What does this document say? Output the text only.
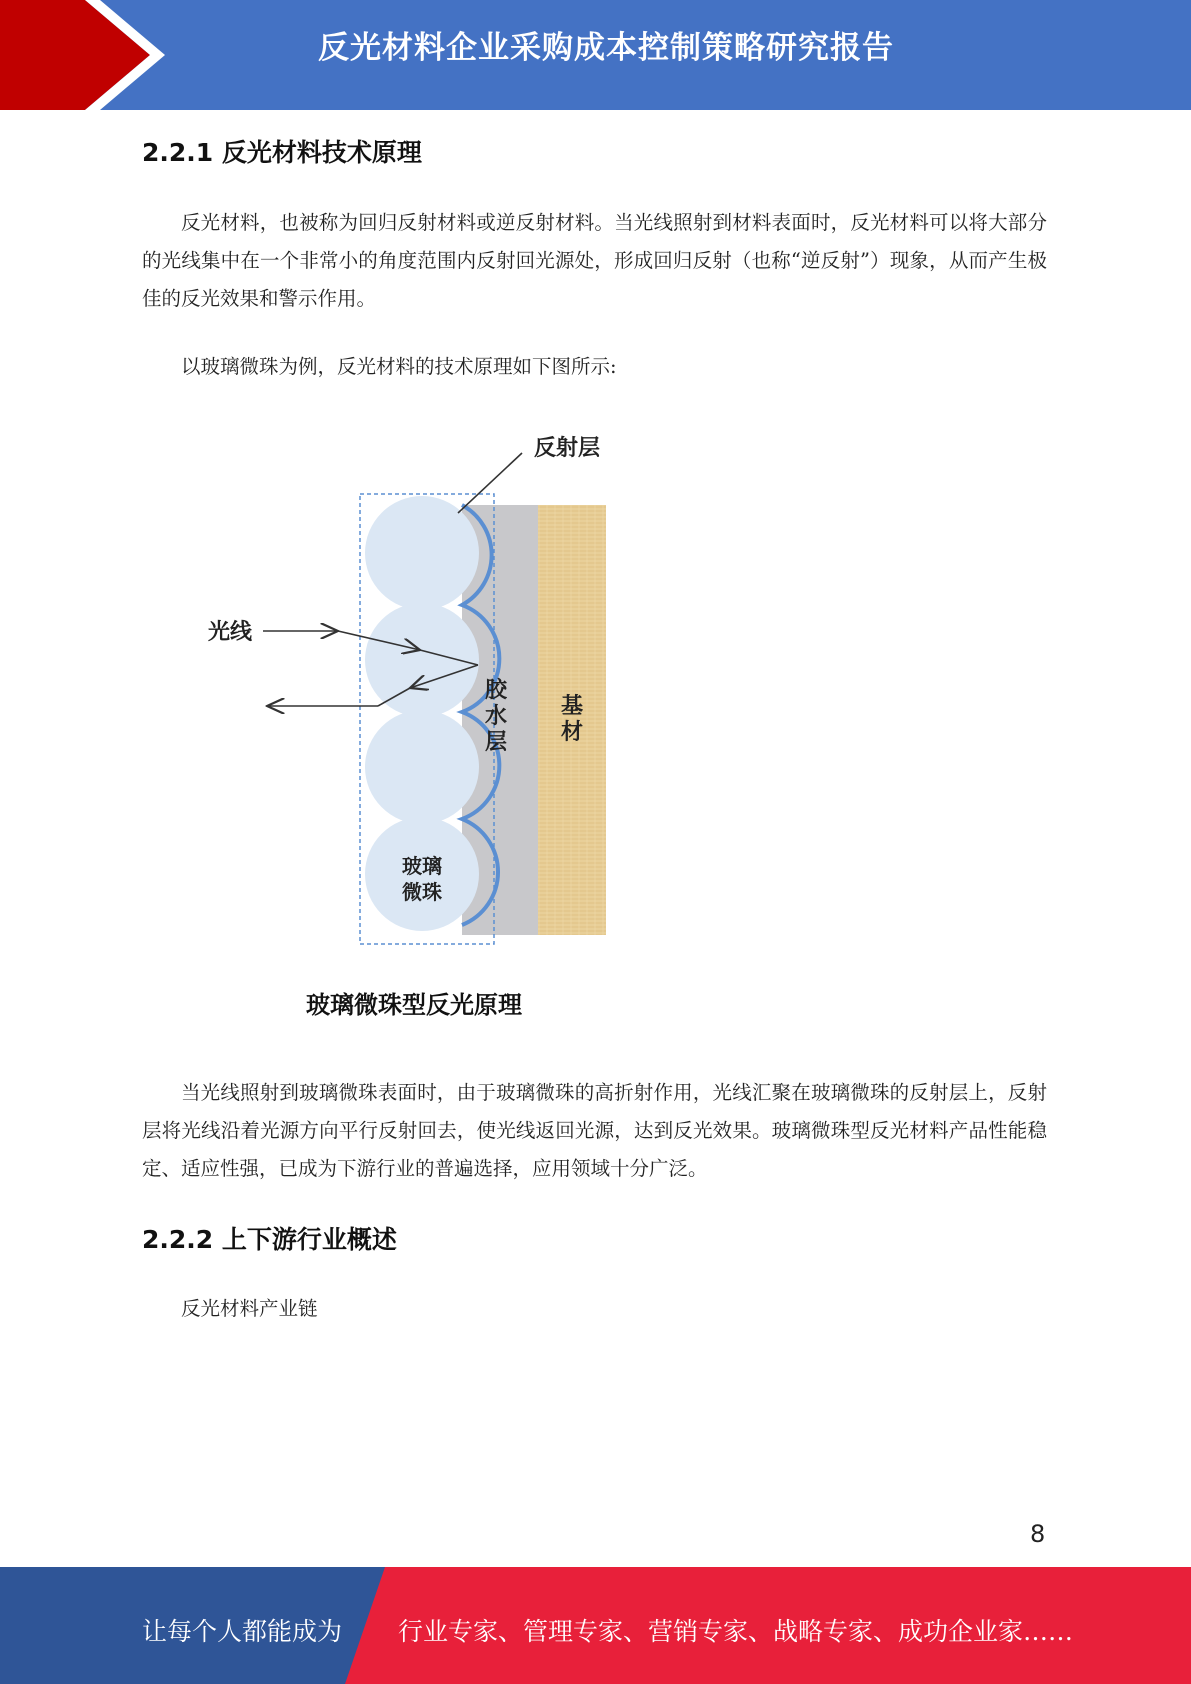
反光材料企业采购成本控制策略研究报告
2.2.1 反光材料技术原理
反光材料，也被称为回归反射材料或逆反射材料。当光线照射到材料表面时，反光材料可以将大部分的光线集中在一个非常小的角度范围内反射回光源处，形成回归反射（也称“逆反射”）现象，从而产生极佳的反光效果和警示作用。
以玻璃微珠为例，反光材料的技术原理如下图所示:
反射层
光线
胶
水
层
基
材
玻璃
微珠
玻璃微珠型反光原理
当光线照射到玻璃微珠表面时，由于玻璃微珠的高折射作用，光线汇聚在玻璃微珠的反射层上，反射层将光线沿着光源方向平行反射回去，使光线返回光源，达到反光效果。玻璃微珠型反光材料产品性能稳定、适应性强，已成为下游行业的普遍选择，应用领域十分广泛。
2.2.2 上下游行业概述
反光材料产业链
8
让每个人都能成为 行业专家、管理专家、营销专家、战略专家、成功企业家……
